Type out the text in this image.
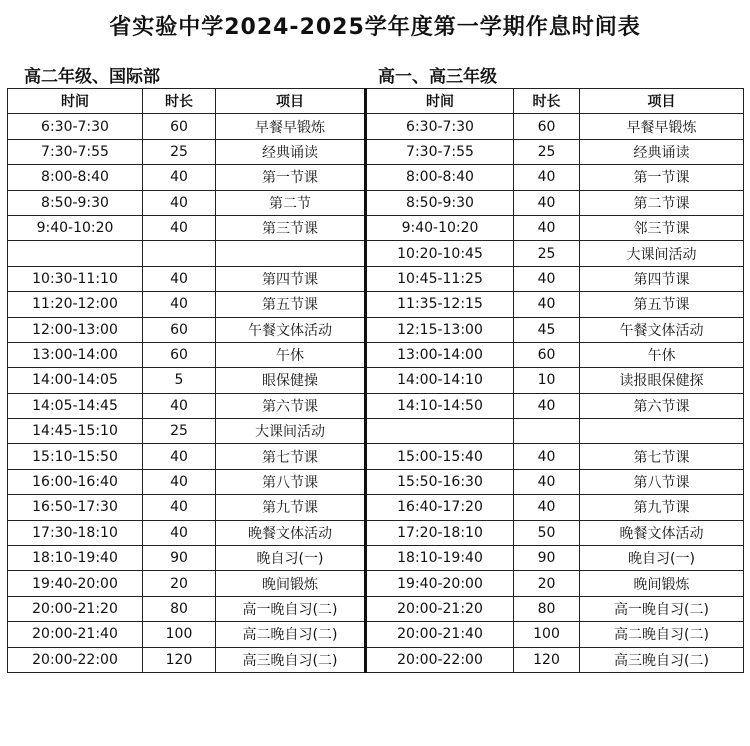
省实验中学2024-2025学年度第一学期作息时间表
高二年级、国际部	高一、高三年级
时间	时长	项目	时间	时长	项目
6:30-7:30	60	早餐早锻炼	6:30-7:30	60	早餐早锻炼
7:30-7:55	25	经典诵读	7:30-7:55	25	经典诵读
8:00-8:40	40	第一节课	8:00-8:40	40	第一节课
8:50-9:30	40	第二节	8:50-9:30	40	第二节课
9:40-10:20	40	第三节课	9:40-10:20	40	邻三节课
			10:20-10:45	25	大课间活动
10:30-11:10	40	第四节课	10:45-11:25	40	第四节课
11:20-12:00	40	第五节课	11:35-12:15	40	第五节课
12:00-13:00	60	午餐文体活动	12:15-13:00	45	午餐文体活动
13:00-14:00	60	午休	13:00-14:00	60	午休
14:00-14:05	5	眼保健操	14:00-14:10	10	读报眼保健探
14:05-14:45	40	第六节课	14:10-14:50	40	第六节课
14:45-15:10	25	大课间活动			
15:10-15:50	40	第七节课	15:00-15:40	40	第七节课
16:00-16:40	40	第八节课	15:50-16:30	40	第八节课
16:50-17:30	40	第九节课	16:40-17:20	40	第九节课
17:30-18:10	40	晚餐文体活动	17:20-18:10	50	晚餐文体活动
18:10-19:40	90	晚自习(一)	18:10-19:40	90	晚自习(一)
19:40-20:00	20	晚间锻炼	19:40-20:00	20	晚间锻炼
20:00-21:20	80	高一晚自习(二)	20:00-21:20	80	高一晚自习(二)
20:00-21:40	100	高二晚自习(二)	20:00-21:40	100	高二晚自习(二)
20:00-22:00	120	高三晚自习(二)	20:00-22:00	120	高三晚自习(二)
